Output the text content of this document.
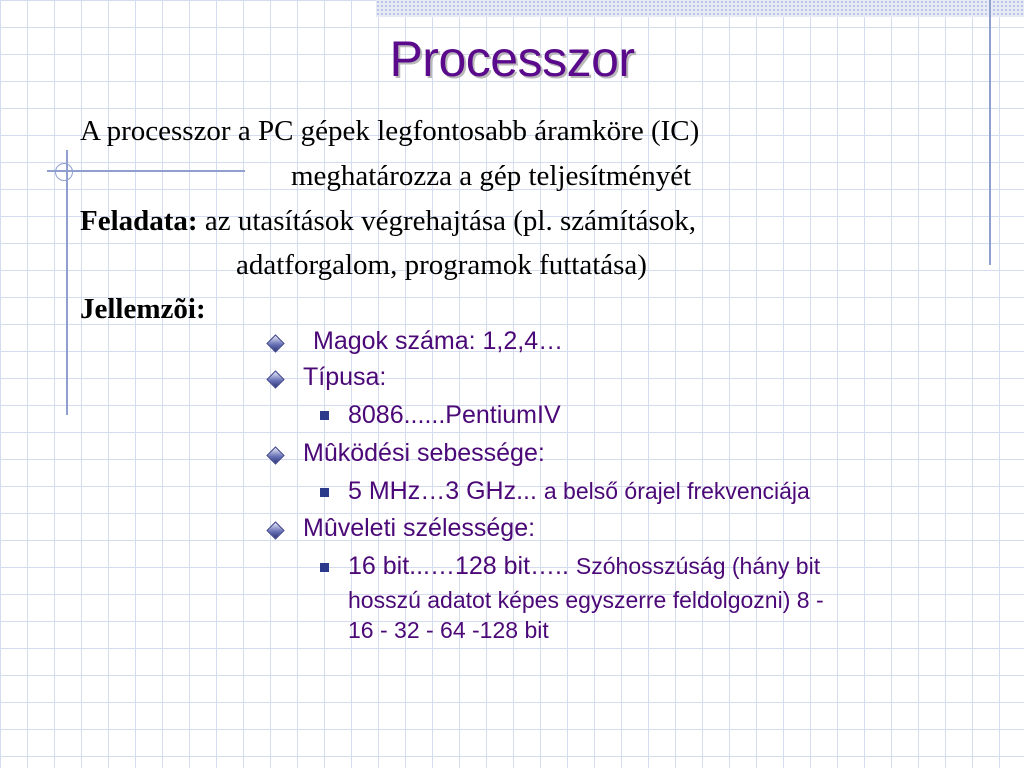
Processzor
A processzor a PC gépek legfontosabb áramköre (IC)
meghatározza a gép teljesítményét
Feladata: az utasítások végrehajtása (pl. számítások,
adatforgalom, programok futtatása)
Jellemzõi:
Magok száma: 1,2,4…
Típusa:
8086......PentiumIV
Mûködési sebessége:
5 MHz…3 GHz... a belső órajel frekvenciája
Mûveleti szélessége:
16 bit...…128 bit….. Szóhosszúság (hány bit
hosszú adatot képes egyszerre feldolgozni) 8 -
16 - 32 - 64 -128 bit
